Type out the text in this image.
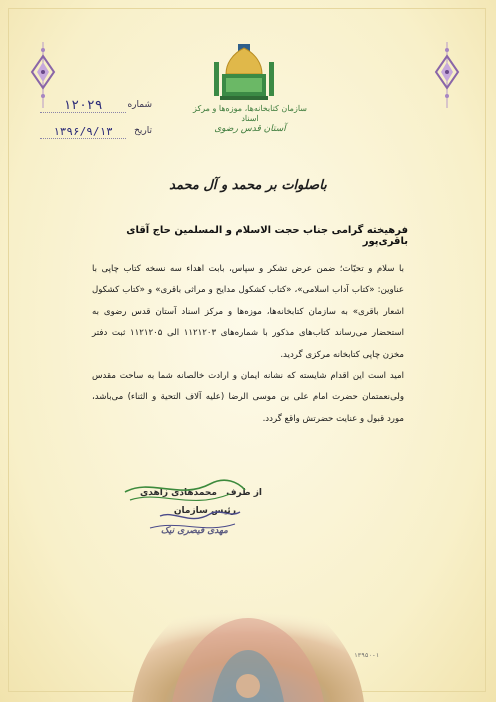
سازمان کتابخانه‌ها، موزه‌ها و مرکز اسناد
آستان قدس رضوی
شماره
۱۲۰۲۹
تاریخ
۱۳۹۶/۹/۱۳
باصلوات بر محمد و آل محمد
فرهیخته گرامی جناب حجت الاسلام و المسلمین حاج آقای باقری‌پور

با سلام و تحیّات؛ ضمن عرض تشکر و سپاس، بابت اهداء سه نسخه کتاب چاپی با عناوین: «کتاب آداب اسلامی»، «کتاب کشکول مدایح و مراثی باقری» و «کتاب کشکول اشعار باقری» به سازمان کتابخانه‌ها، موزه‌ها و مرکز اسناد آستان قدس رضوی به استحضار می‌رساند کتاب‌های مذکور با شماره‌های ۱۱۲۱۲۰۳ الی ۱۱۲۱۲۰۵ ثبت دفتر مخزن چاپی کتابخانه مرکزی گردید.

امید است این اقدام شایسته که نشانه ایمان و ارادت خالصانه شما به ساحت مقدس ولی‌نعمتمان حضرت امام علی بن موسی الرضا (علیه آلاف التحیة و الثناء) می‌باشد، مورد قبول و عنایت حضرتش واقع گردد.

از طرف محمدهادی زاهدی
رئیس سازمان
مهدی قیصری نیک
۱۳۹۵۰-۱
